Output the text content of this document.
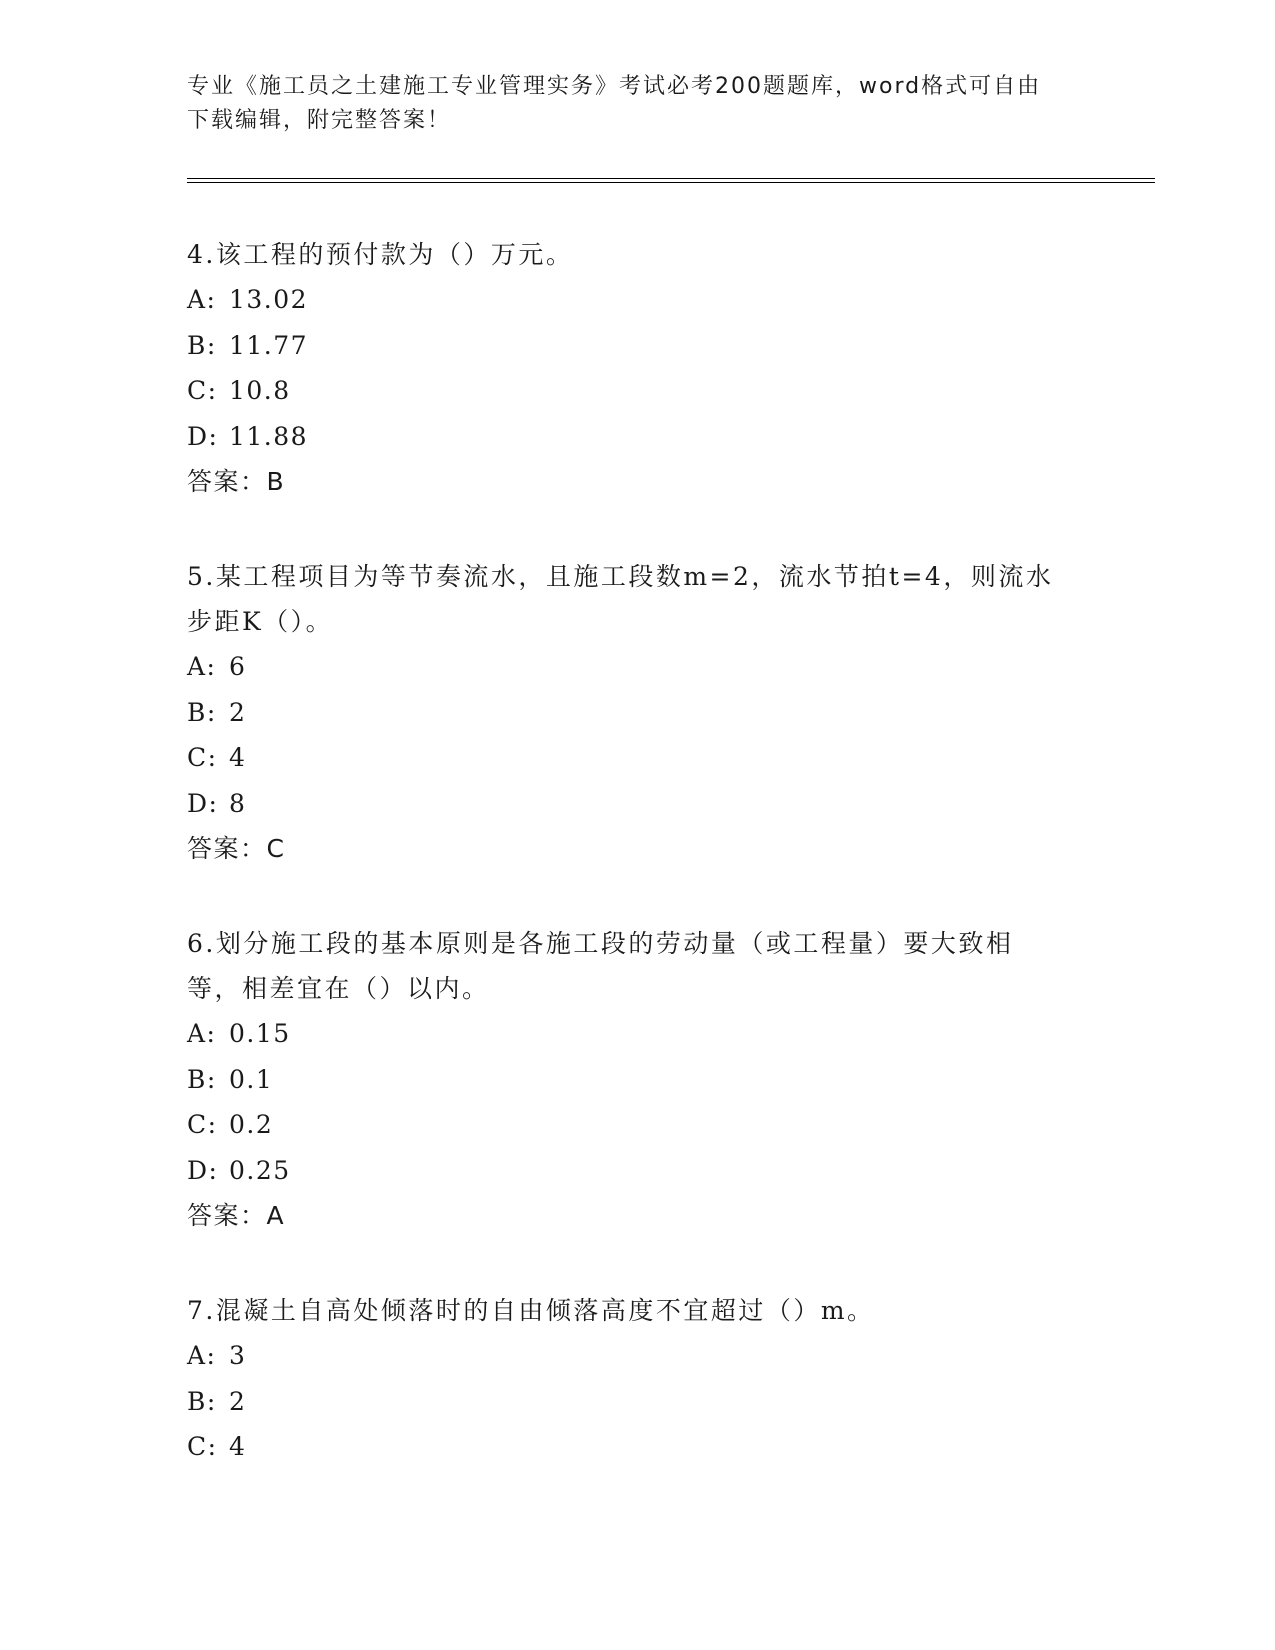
专业《施工员之土建施工专业管理实务》考试必考200题题库，word格式可自由
下载编辑，附完整答案！
4.该工程的预付款为（）万元。
A: 13.02
B: 11.77
C: 10.8
D: 11.88
答案：B
5.某工程项目为等节奏流水，且施工段数m=2，流水节拍t=4，则流水
步距K（）。
A: 6
B: 2
C: 4
D: 8
答案：C
6.划分施工段的基本原则是各施工段的劳动量（或工程量）要大致相
等，相差宜在（）以内。
A: 0.15
B: 0.1
C: 0.2
D: 0.25
答案：A
7.混凝土自高处倾落时的自由倾落高度不宜超过（）m。
A: 3
B: 2
C: 4
